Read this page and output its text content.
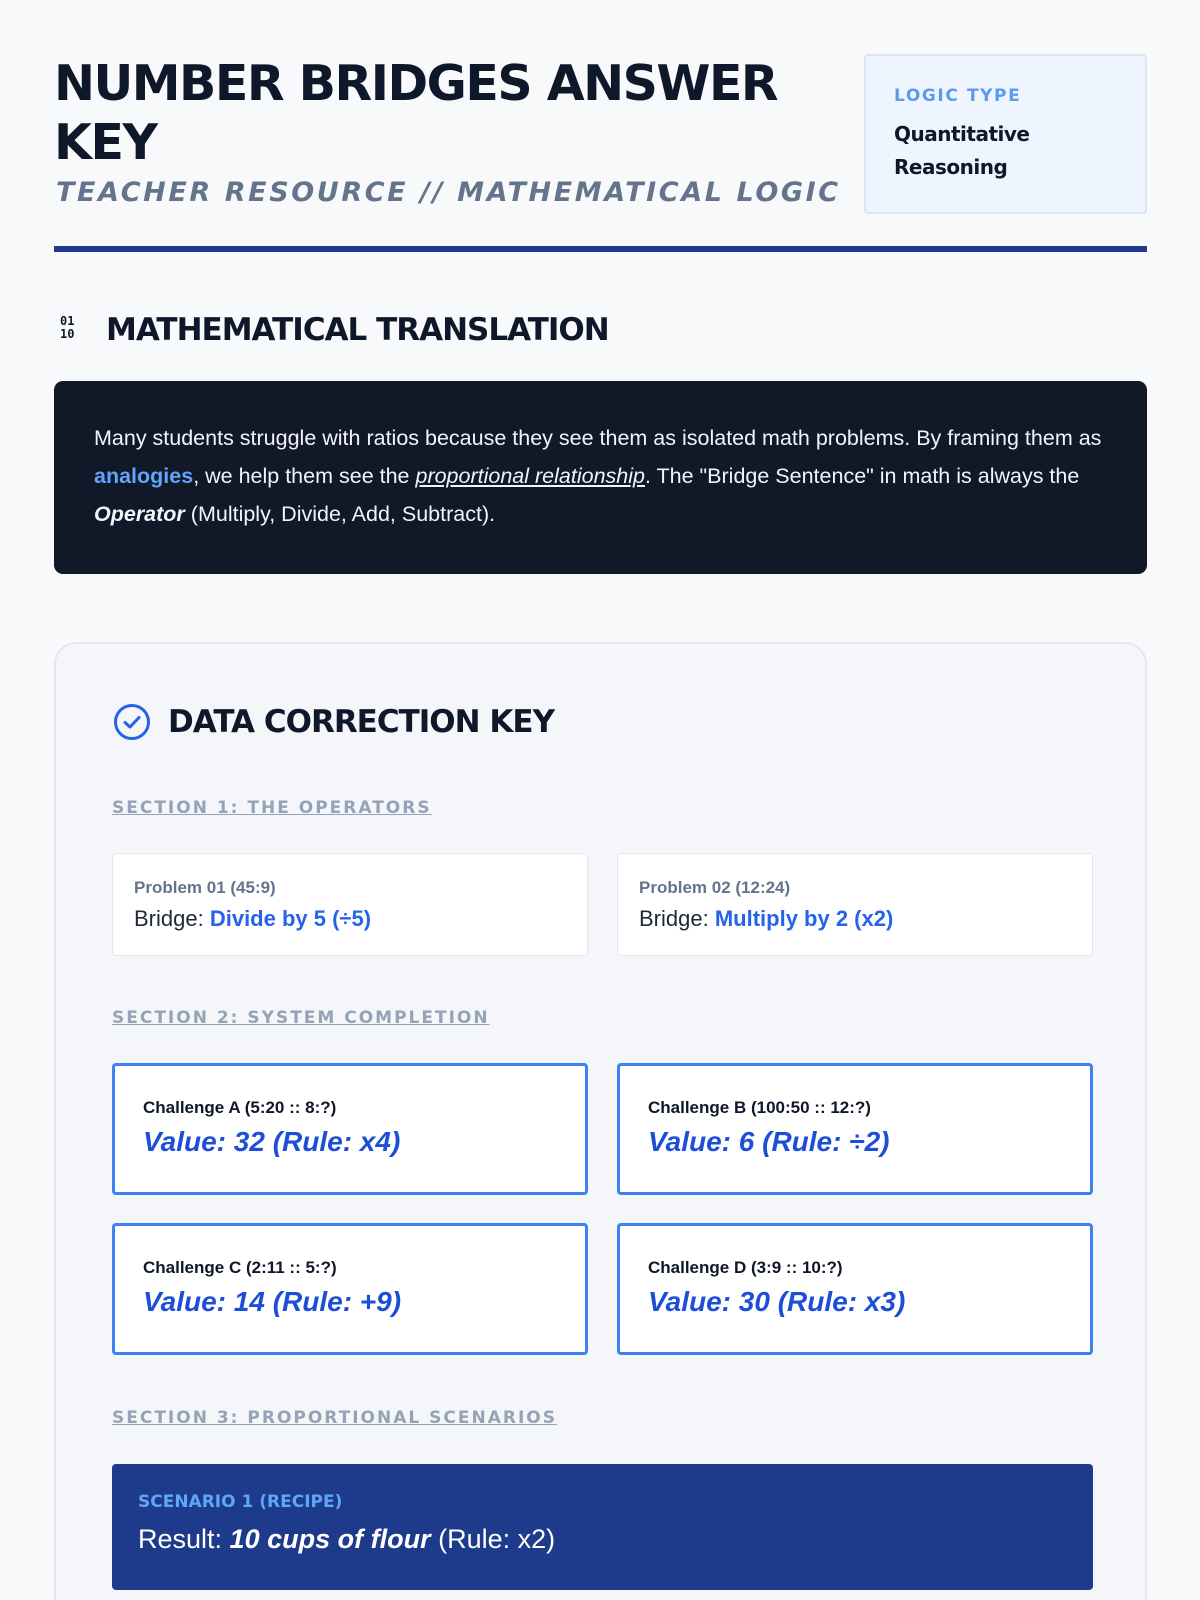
NUMBER BRIDGES ANSWER KEY
TEACHER RESOURCE // MATHEMATICAL LOGIC
LOGIC TYPE
Quantitative Reasoning
01
10	MATHEMATICAL TRANSLATION
Many students struggle with ratios because they see them as isolated math problems. By framing them as analogies, we help them see the proportional relationship. The "Bridge Sentence" in math is always the Operator (Multiply, Divide, Add, Subtract).
DATA CORRECTION KEY
SECTION 1: THE OPERATORS
Problem 01 (45:9)
Bridge: Divide by 5 (÷5)
Problem 02 (12:24)
Bridge: Multiply by 2 (x2)
SECTION 2: SYSTEM COMPLETION
Challenge A (5:20 :: 8:?)
Value: 32 (Rule: x4)
Challenge B (100:50 :: 12:?)
Value: 6 (Rule: ÷2)
Challenge C (2:11 :: 5:?)
Value: 14 (Rule: +9)
Challenge D (3:9 :: 10:?)
Value: 30 (Rule: x3)
SECTION 3: PROPORTIONAL SCENARIOS
SCENARIO 1 (RECIPE)
Result: 10 cups of flour (Rule: x2)
